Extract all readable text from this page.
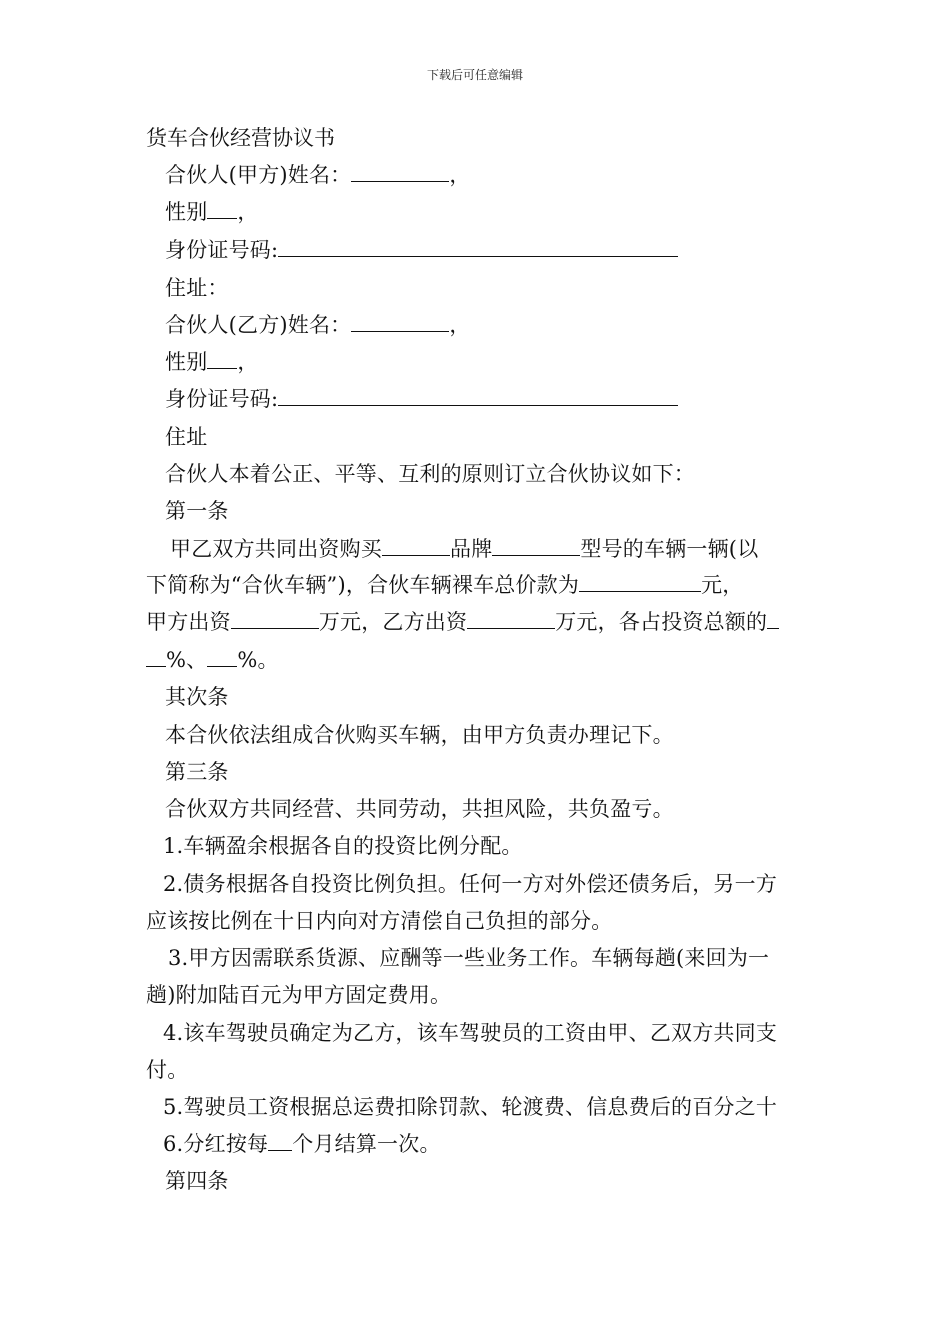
下载后可任意编辑
货车合伙经营协议书
合伙人(甲方)姓名：	，
性别 ，
身份证号码:
住址：
合伙人(乙方)姓名：	，
性别 ，
身份证号码:
住址
合伙人本着公正、平等、互利的原则订立合伙协议如下：
第一条
甲乙双方共同出资购买	品牌	型号的车辆一辆(以
下简称为“合伙车辆”)，合伙车辆裸车总价款为	元，
甲方出资	万元，乙方出资	万元，各占投资总额的
%、 %。
其次条
本合伙依法组成合伙购买车辆，由甲方负责办理记下。
第三条
合伙双方共同经营、共同劳动，共担风险，共负盈亏。
1.车辆盈余根据各自的投资比例分配。
2.债务根据各自投资比例负担。任何一方对外偿还债务后，另一方
应该按比例在十日内向对方清偿自己负担的部分。
3.甲方因需联系货源、应酬等一些业务工作。车辆每趟(来回为一
趟)附加陆百元为甲方固定费用。
4.该车驾驶员确定为乙方，该车驾驶员的工资由甲、乙双方共同支
付。
5.驾驶员工资根据总运费扣除罚款、轮渡费、信息费后的百分之十
6.分红按每 个月结算一次。
第四条
